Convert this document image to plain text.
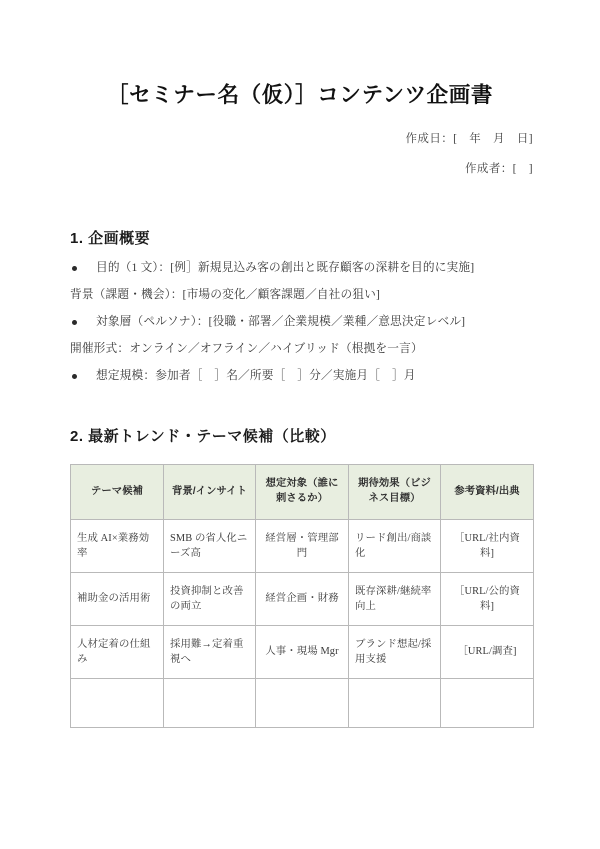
［セミナー名（仮）］コンテンツ企画書
作成日：[　年　月　日]
作成者：[　]
1. 企画概要
目的（1 文）：[例］新規見込み客の創出と既存顧客の深耕を目的に実施]
背景（課題・機会）：[市場の変化／顧客課題／自社の狙い]
対象層（ペルソナ）：[役職・部署／企業規模／業種／意思決定レベル]
開催形式：オンライン／オフライン／ハイブリッド（根拠を一言）
想定規模：参加者［　］名／所要［　］分／実施月［　］月
2. 最新トレンド・テーマ候補（比較）
テーマ候補	背景/インサイト	想定対象（誰に刺さるか）	期待効果（ビジネス目標）	参考資料/出典
生成 AI×業務効率	SMB の省人化ニーズ高	経営層・管理部門	リード創出/商談化	［URL/社内資料]
補助金の活用術	投資抑制と改善の両立	経営企画・財務	既存深耕/継続率向上	［URL/公的資料]
人材定着の仕組み	採用難→定着重視へ	人事・現場 Mgr	ブランド想起/採用支援	［URL/調査]
